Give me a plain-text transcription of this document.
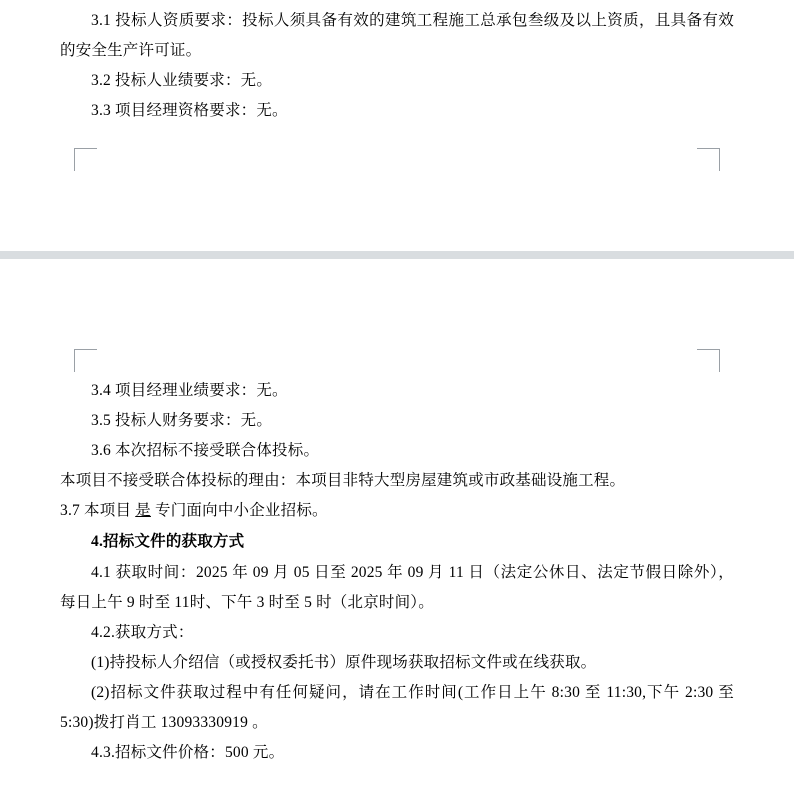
3.1 投标人资质要求：投标人须具备有效的建筑工程施工总承包叁级及以上资质，且具备有效的安全生产许可证。

3.2 投标人业绩要求：无。

3.3 项目经理资格要求：无。

3.4 项目经理业绩要求：无。

3.5 投标人财务要求：无。

3.6 本次招标不接受联合体投标。

本项目不接受联合体投标的理由：本项目非特大型房屋建筑或市政基础设施工程。

3.7 本项目 是 专门面向中小企业招标。

4.招标文件的获取方式

4.1 获取时间：2025 年 09 月 05 日至 2025 年 09 月 11 日（法定公休日、法定节假日除外），每日上午 9 时至 11时、下午 3 时至 5 时（北京时间）。

4.2.获取方式：

(1)持投标人介绍信（或授权委托书）原件现场获取招标文件或在线获取。

(2)招标文件获取过程中有任何疑问，请在工作时间(工作日上午 8:30 至 11:30,下午 2:30 至 5:30)拨打肖工 13093330919 。

4.3.招标文件价格：500 元。
